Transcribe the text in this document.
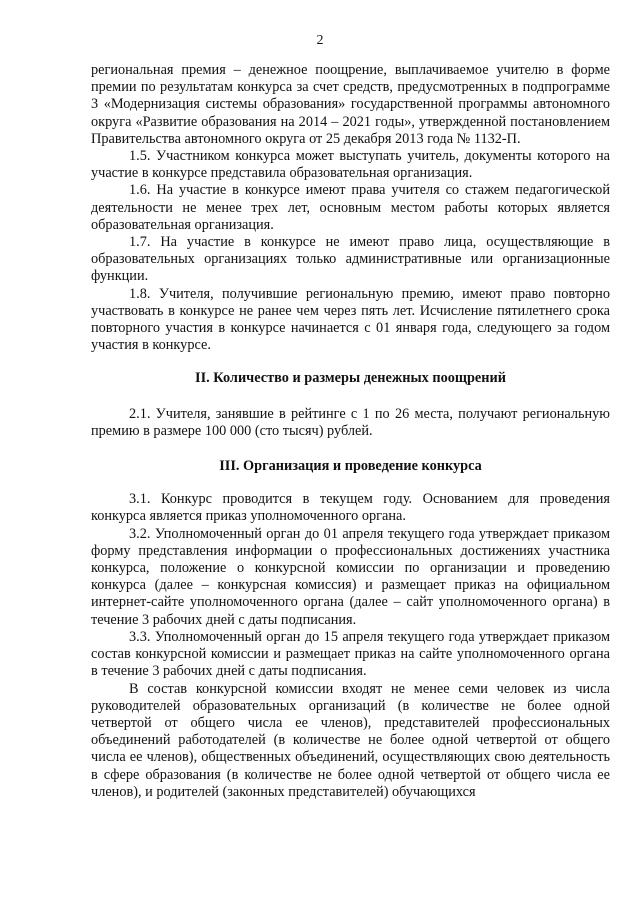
2

региональная премия – денежное поощрение, выплачиваемое учителю в форме премии по результатам конкурса за счет средств, предусмотренных в подпрограмме 3 «Модернизация системы образования» государственной программы автономного округа «Развитие образования на 2014 – 2021 годы», утвержденной постановлением Правительства автономного округа от 25 декабря 2013 года № 1132-П.

1.5. Участником конкурса может выступать учитель, документы которого на участие в конкурсе представила образовательная организация.

1.6. На участие в конкурсе имеют права учителя со стажем педагогической деятельности не менее трех лет, основным местом работы которых является образовательная организация.

1.7. На участие в конкурсе не имеют право лица, осуществляющие в образовательных организациях только административные или организационные функции.

1.8. Учителя, получившие региональную премию, имеют право повторно участвовать в конкурсе не ранее чем через пять лет. Исчисление пятилетнего срока повторного участия в конкурсе начинается с 01 января года, следующего за годом участия в конкурсе.

II. Количество и размеры денежных поощрений

2.1. Учителя, занявшие в рейтинге с 1 по 26 места, получают региональную премию в размере 100 000 (сто тысяч) рублей.

III. Организация и проведение конкурса

3.1. Конкурс проводится в текущем году. Основанием для проведения конкурса является приказ уполномоченного органа.

3.2. Уполномоченный орган до 01 апреля текущего года утверждает приказом форму представления информации о профессиональных достижениях участника конкурса, положение о конкурсной комиссии по организации и проведению конкурса (далее – конкурсная комиссия) и размещает приказ на официальном интернет-сайте уполномоченного органа (далее – сайт уполномоченного органа) в течение 3 рабочих дней с даты подписания.

3.3. Уполномоченный орган до 15 апреля текущего года утверждает приказом состав конкурсной комиссии и размещает приказ на сайте уполномоченного органа в течение 3 рабочих дней с даты подписания.

В состав конкурсной комиссии входят не менее семи человек из числа руководителей образовательных организаций (в количестве не более одной четвертой от общего числа ее членов), представителей профессиональных объединений работодателей (в количестве не более одной четвертой от общего числа ее членов), общественных объединений, осуществляющих свою деятельность в сфере образования (в количестве не более одной четвертой от общего числа ее членов), и родителей (законных представителей) обучающихся
